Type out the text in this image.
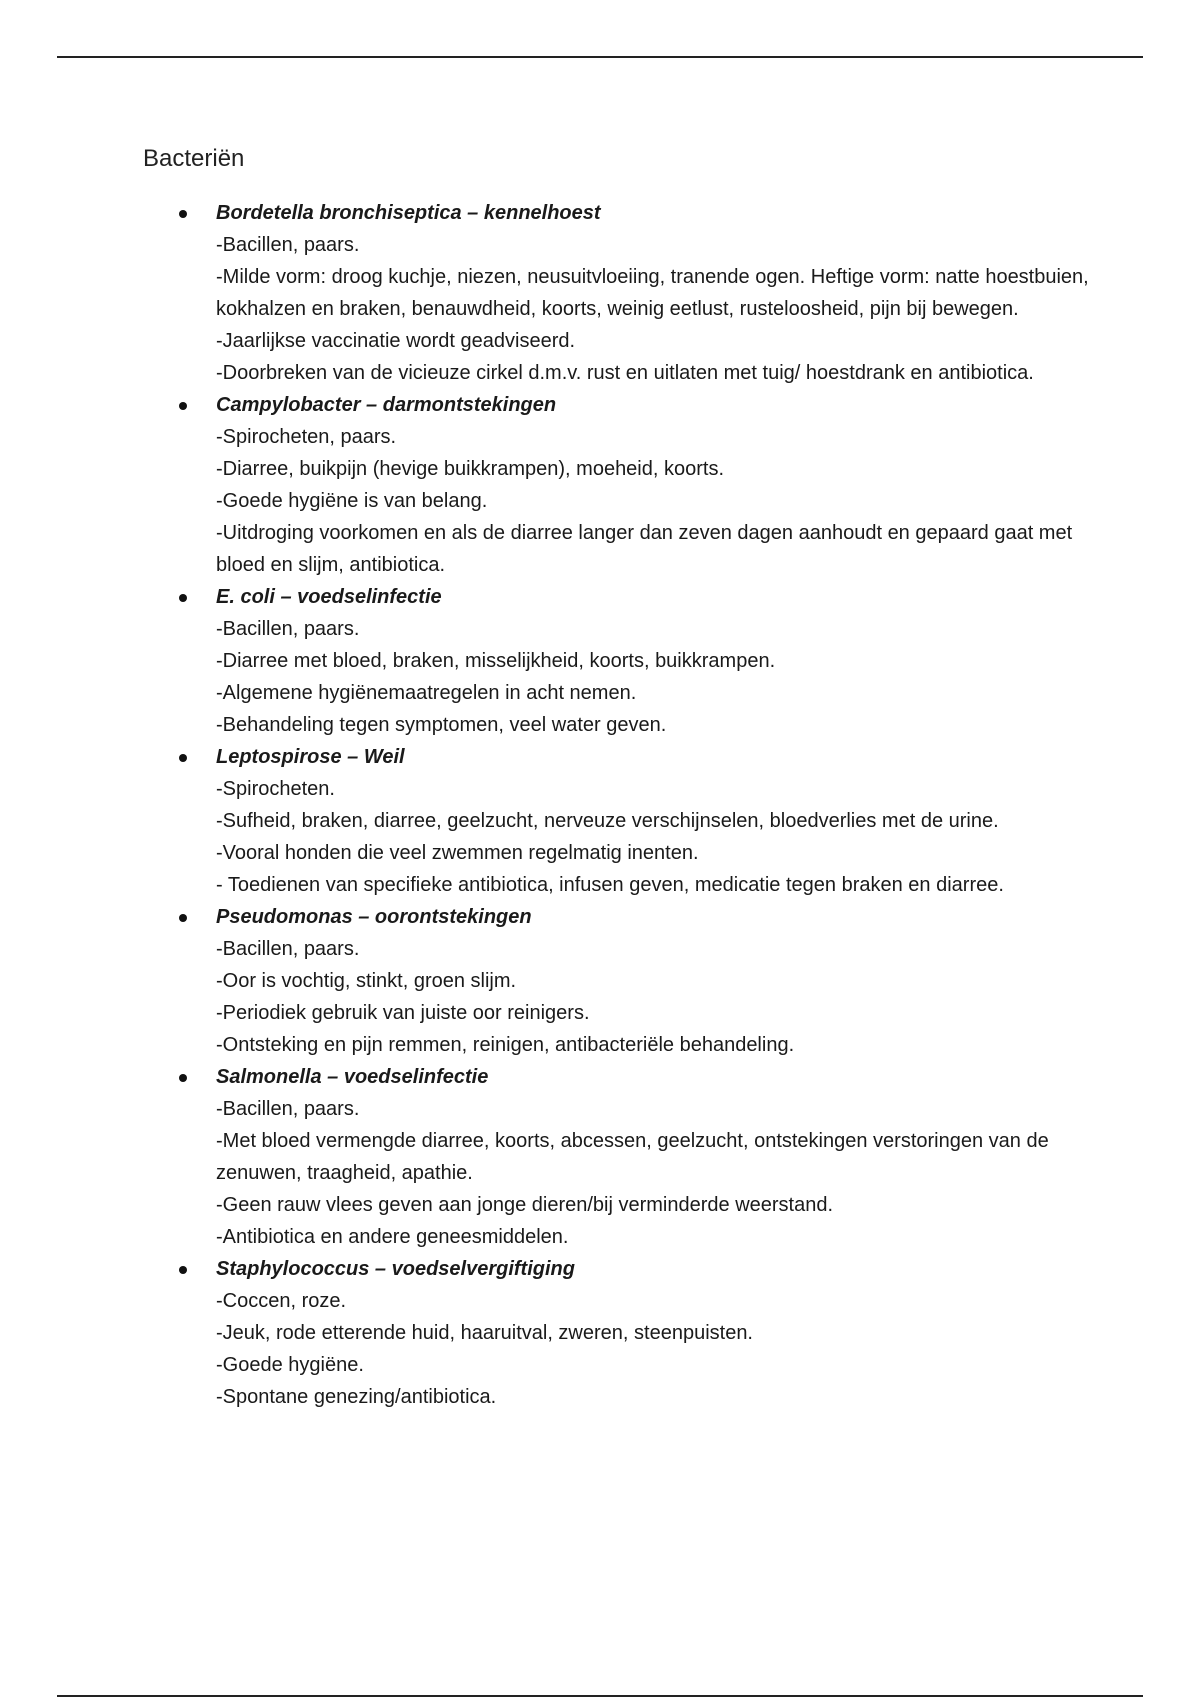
Bacteriën
Bordetella bronchiseptica – kennelhoest
-Bacillen, paars.
-Milde vorm: droog kuchje, niezen, neusuitvloeiing, tranende ogen. Heftige vorm: natte hoestbuien, kokhalzen en braken, benauwdheid, koorts, weinig eetlust, rusteloosheid, pijn bij bewegen.
-Jaarlijkse vaccinatie wordt geadviseerd.
-Doorbreken van de vicieuze cirkel d.m.v. rust en uitlaten met tuig/ hoestdrank en antibiotica.
Campylobacter – darmontstekingen
-Spirocheten, paars.
-Diarree, buikpijn (hevige buikkrampen), moeheid, koorts.
-Goede hygiëne is van belang.
-Uitdroging voorkomen en als de diarree langer dan zeven dagen aanhoudt en gepaard gaat met bloed en slijm, antibiotica.
E. coli – voedselinfectie
-Bacillen, paars.
-Diarree met bloed, braken, misselijkheid, koorts, buikkrampen.
-Algemene hygiënemaatregelen in acht nemen.
-Behandeling tegen symptomen, veel water geven.
Leptospirose – Weil
-Spirocheten.
-Sufheid, braken, diarree, geelzucht, nerveuze verschijnselen, bloedverlies met de urine.
-Vooral honden die veel zwemmen regelmatig inenten.
- Toedienen van specifieke antibiotica, infusen geven, medicatie tegen braken en diarree.
Pseudomonas – oorontstekingen
-Bacillen, paars.
-Oor is vochtig, stinkt, groen slijm.
-Periodiek gebruik van juiste oor reinigers.
-Ontsteking en pijn remmen, reinigen, antibacteriële behandeling.
Salmonella – voedselinfectie
-Bacillen, paars.
-Met bloed vermengde diarree, koorts, abcessen, geelzucht, ontstekingen verstoringen van de zenuwen, traagheid, apathie.
-Geen rauw vlees geven aan jonge dieren/bij verminderde weerstand.
-Antibiotica en andere geneesmiddelen.
Staphylococcus – voedselvergiftiging
-Coccen, roze.
-Jeuk, rode etterende huid, haaruitval, zweren, steenpuisten.
-Goede hygiëne.
-Spontane genezing/antibiotica.
